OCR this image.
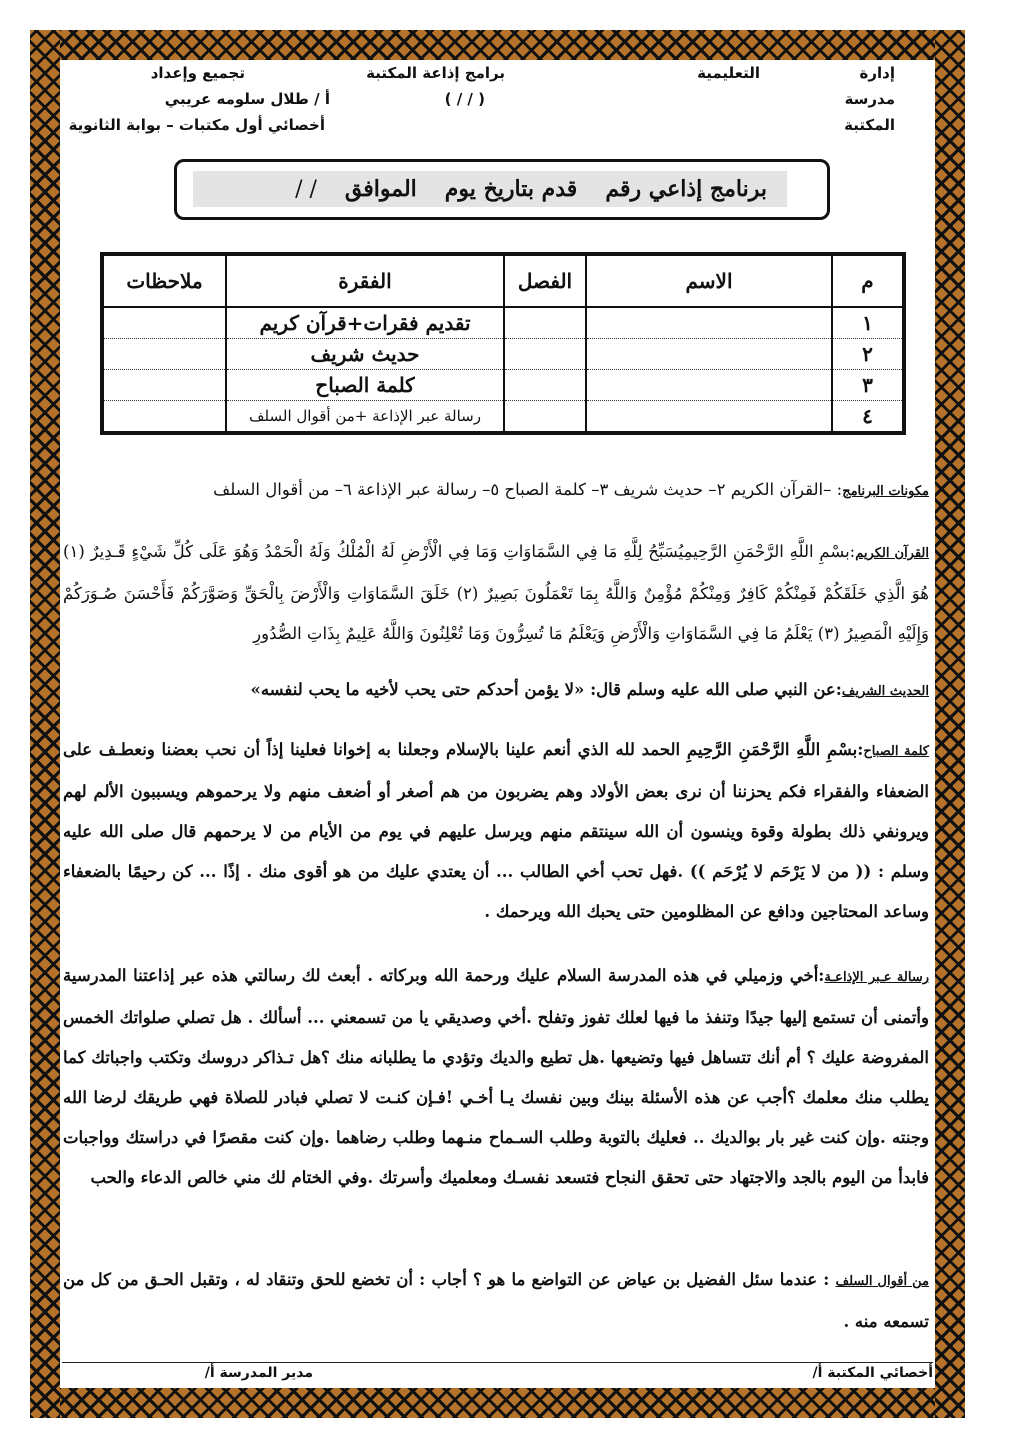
إدارة
التعليمية
برامج إذاعة المكتبة
تجميع وإعداد
مدرسة
( / / )
أ / طلال سلومه عريبي
المكتبة
أخصائي أول مكتبات – بوابة الثانوية
برنامج إذاعي رقم
قدم بتاريخ يوم
الموافق
/ /
م	الاسم	الفصل	الفقرة	ملاحظات
١			تقديم فقرات+قرآن كريم	
٢			حديث شريف	
٣			كلمة الصباح	
٤			رسالة عبر الإذاعة +من أقوال السلف	
مكونات البرنامج: –القرآن الكريم ٢– حديث شريف ٣– كلمة الصباح ٥– رسالة عبر الإذاعة ٦– من أقوال السلف
القرآن الكريم:بسْمِ اللَّهِ الرَّحْمَنِ الرَّحِيمِيُسَبِّحُ لِلَّهِ مَا فِي السَّمَاوَاتِ وَمَا فِي الْأَرْضِ لَهُ الْمُلْكُ وَلَهُ الْحَمْدُ وَهُوَ عَلَى كُلِّ شَيْءٍ قَـدِيرٌ (١) هُوَ الَّذِي خَلَقَكُمْ فَمِنْكُمْ كَافِرٌ وَمِنْكُمْ مُؤْمِنٌ وَاللَّهُ بِمَا تَعْمَلُونَ بَصِيرٌ (٢) خَلَقَ السَّمَاوَاتِ وَالْأَرْضَ بِالْحَقِّ وَصَوَّرَكُمْ فَأَحْسَنَ صُـوَرَكُمْ وَإِلَيْهِ الْمَصِيرُ (٣) يَعْلَمُ مَا فِي السَّمَاوَاتِ وَالْأَرْضِ وَيَعْلَمُ مَا تُسِرُّونَ وَمَا تُعْلِنُونَ وَاللَّهُ عَلِيمٌ بِذَاتِ الصُّدُورِ
الحديث الشريف:عن النبي صلى الله عليه وسلم قال: «لا يؤمن أحدكم حتى يحب لأخيه ما يحب لنفسه»
كلمة الصباح:بسْمِ اللَّهِ الرَّحْمَنِ الرَّحِيمِ الحمد لله الذي أنعم علينا بالإسلام وجعلنا به إخوانا فعلينا إذاً أن نحب بعضنا ونعطـف على الضعفاء والفقراء فكم يحزننا أن نرى بعض الأولاد وهم يضربون من هم أصغر أو أضعف منهم ولا يرحموهم ويسببون الألم لهم ويرونفي ذلك بطولة وقوة وينسون أن الله سينتقم منهم ويرسل عليهم في يوم من الأيام من لا يرحمهم قال صلى الله عليه وسلم : (( من لا يَرْحَم لا يُرْحَم )) .فهل تحب أخي الطالب ... أن يعتدي عليك من هو أقوى منك . إذًا ... كن رحيمًا بالضعفاء وساعد المحتاجين ودافع عن المظلومين حتى يحبك الله ويرحمك .
رسالة عـبر الإذاعـة:أخي وزميلي في هذه المدرسة السلام عليك ورحمة الله وبركاته . أبعث لك رسالتي هذه عبر إذاعتنا المدرسية وأتمنى أن تستمع إليها جيدًا وتنفذ ما فيها لعلك تفوز وتفلح .أخي وصديقي يا من تسمعني ... أسألك . هل تصلي صلواتك الخمس المفروضة عليك ؟ أم أنك تتساهل فيها وتضيعها .هل تطيع والديك وتؤدي ما يطلبانه منك ؟هل تـذاكر دروسك وتكتب واجباتك كما يطلب منك معلمك ؟أجب عن هذه الأسئلة بينك وبين نفسك يـا أخـي !فـإن كنـت لا تصلي فبادر للصلاة فهي طريقك لرضا الله وجنته .وإن كنت غير بار بوالديك .. فعليك بالتوبة وطلب السـماح منـهما وطلب رضاهما .وإن كنت مقصرًا في دراستك وواجبات فابدأ من اليوم بالجد والاجتهاد حتى تحقق النجاح فتسعد نفسـك ومعلميك وأسرتك .وفي الختام لك مني خالص الدعاء والحب
من أقوال السلف : عندما سئل الفضيل بن عياض عن التواضع ما هو ؟ أجاب : أن تخضع للحق وتنقاد له ، وتقبل الحـق من كل من تسمعه منه .
أخصائي المكتبة أ/
مدير المدرسة أ/
